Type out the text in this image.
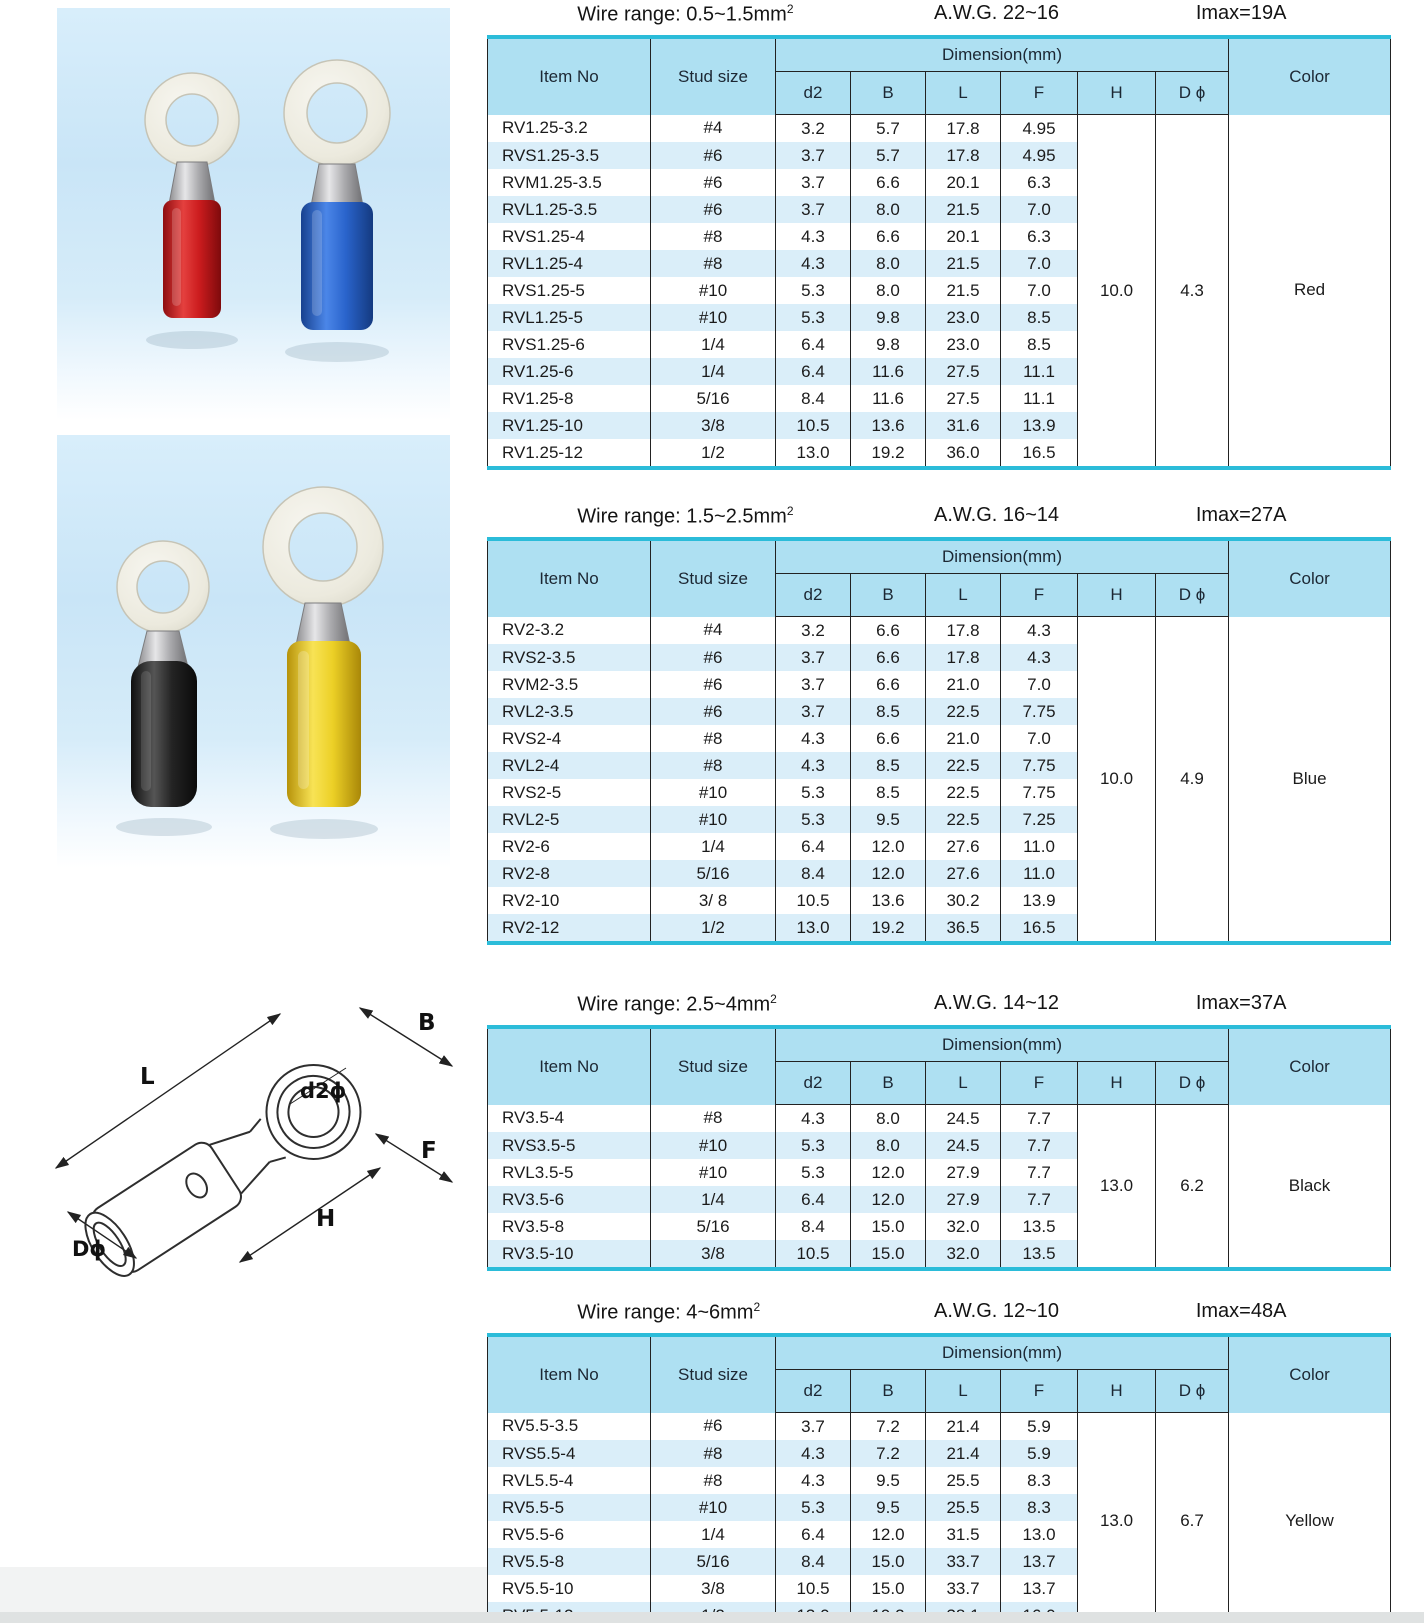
L
B
F
H
Dϕ
d2ϕ
Wire range: $0.5\sim 1.5mm^2$	A.W.G. 22~16	Imax=19A
Item No	Stud size	Dimension(mm)						Color
		d2	B	L	F	H	D ϕ	
RV1.25-3.2	#4	3.2	5.7	17.8	4.95	10.0	4.3	Red
RVS1.25-3.5	#6	3.7	5.7	17.8	4.95			
RVM1.25-3.5	#6	3.7	6.6	20.1	6.3			
RVL1.25-3.5	#6	3.7	8.0	21.5	7.0			
RVS1.25-4	#8	4.3	6.6	20.1	6.3			
RVL1.25-4	#8	4.3	8.0	21.5	7.0			
RVS1.25-5	#10	5.3	8.0	21.5	7.0			
RVL1.25-5	#10	5.3	9.8	23.0	8.5			
RVS1.25-6	1/4	6.4	9.8	23.0	8.5			
RV1.25-6	1/4	6.4	11.6	27.5	11.1			
RV1.25-8	5/16	8.4	11.6	27.5	11.1			
RV1.25-10	3/8	10.5	13.6	31.6	13.9			
RV1.25-12	1/2	13.0	19.2	36.0	16.5			
Wire range: $1.5\sim 2.5mm^2$	A.W.G. 16~14	Imax=27A
Item No	Stud size	Dimension(mm)						Color
		d2	B	L	F	H	D ϕ	
RV2-3.2	#4	3.2	6.6	17.8	4.3	10.0	4.9	Blue
RVS2-3.5	#6	3.7	6.6	17.8	4.3			
RVM2-3.5	#6	3.7	6.6	21.0	7.0			
RVL2-3.5	#6	3.7	8.5	22.5	7.75			
RVS2-4	#8	4.3	6.6	21.0	7.0			
RVL2-4	#8	4.3	8.5	22.5	7.75			
RVS2-5	#10	5.3	8.5	22.5	7.75			
RVL2-5	#10	5.3	9.5	22.5	7.25			
RV2-6	1/4	6.4	12.0	27.6	11.0			
RV2-8	5/16	8.4	12.0	27.6	11.0			
RV2-10	3/ 8	10.5	13.6	30.2	13.9			
RV2-12	1/2	13.0	19.2	36.5	16.5			
Wire range: $2.5\sim 4mm^2$	A.W.G. 14~12	Imax=37A
Item No	Stud size	Dimension(mm)						Color
		d2	B	L	F	H	D ϕ	
RV3.5-4	#8	4.3	8.0	24.5	7.7	13.0	6.2	Black
RVS3.5-5	#10	5.3	8.0	24.5	7.7			
RVL3.5-5	#10	5.3	12.0	27.9	7.7			
RV3.5-6	1/4	6.4	12.0	27.9	7.7			
RV3.5-8	5/16	8.4	15.0	32.0	13.5			
RV3.5-10	3/8	10.5	15.0	32.0	13.5			
Wire range: $4\sim 6mm^2$	A.W.G. 12~10	Imax=48A
Item No	Stud size	Dimension(mm)						Color
		d2	B	L	F	H	D ϕ	
RV5.5-3.5	#6	3.7	7.2	21.4	5.9	13.0	6.7	Yellow
RVS5.5-4	#8	4.3	7.2	21.4	5.9			
RVL5.5-4	#8	4.3	9.5	25.5	8.3			
RV5.5-5	#10	5.3	9.5	25.5	8.3			
RV5.5-6	1/4	6.4	12.0	31.5	13.0			
RV5.5-8	5/16	8.4	15.0	33.7	13.7			
RV5.5-10	3/8	10.5	15.0	33.7	13.7			
